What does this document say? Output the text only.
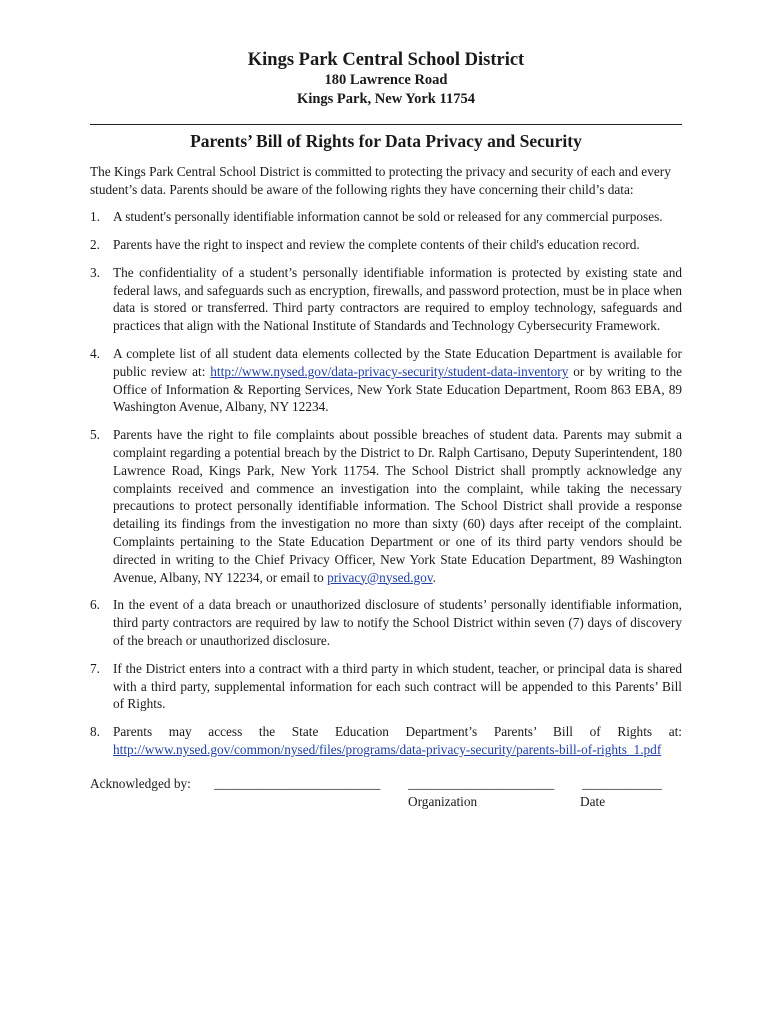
Kings Park Central School District
180 Lawrence Road
Kings Park, New York 11754
Parents’ Bill of Rights for Data Privacy and Security
The Kings Park Central School District is committed to protecting the privacy and security of each and every student’s data. Parents should be aware of the following rights they have concerning their child’s data:
1. A student's personally identifiable information cannot be sold or released for any commercial purposes.
2. Parents have the right to inspect and review the complete contents of their child's education record.
3. The confidentiality of a student’s personally identifiable information is protected by existing state and federal laws, and safeguards such as encryption, firewalls, and password protection, must be in place when data is stored or transferred. Third party contractors are required to employ technology, safeguards and practices that align with the National Institute of Standards and Technology Cybersecurity Framework.
4. A complete list of all student data elements collected by the State Education Department is available for public review at: http://www.nysed.gov/data-privacy-security/student-data-inventory or by writing to the Office of Information & Reporting Services, New York State Education Department, Room 863 EBA, 89 Washington Avenue, Albany, NY 12234.
5. Parents have the right to file complaints about possible breaches of student data. Parents may submit a complaint regarding a potential breach by the District to Dr. Ralph Cartisano, Deputy Superintendent, 180 Lawrence Road, Kings Park, New York 11754. The School District shall promptly acknowledge any complaints received and commence an investigation into the complaint, while taking the necessary precautions to protect personally identifiable information. The School District shall provide a response detailing its findings from the investigation no more than sixty (60) days after receipt of the complaint. Complaints pertaining to the State Education Department or one of its third party vendors should be directed in writing to the Chief Privacy Officer, New York State Education Department, 89 Washington Avenue, Albany, NY 12234, or email to privacy@nysed.gov.
6. In the event of a data breach or unauthorized disclosure of students’ personally identifiable information, third party contractors are required by law to notify the School District within seven (7) days of discovery of the breach or unauthorized disclosure.
7. If the District enters into a contract with a third party in which student, teacher, or principal data is shared with a third party, supplemental information for each such contract will be appended to this Parents’ Bill of Rights.
8. Parents may access the State Education Department’s Parents’ Bill of Rights at: http://www.nysed.gov/common/nysed/files/programs/data-privacy-security/parents-bill-of-rights_1.pdf
Acknowledged by: _________________________ ______________________ ____________
Organization	Date
